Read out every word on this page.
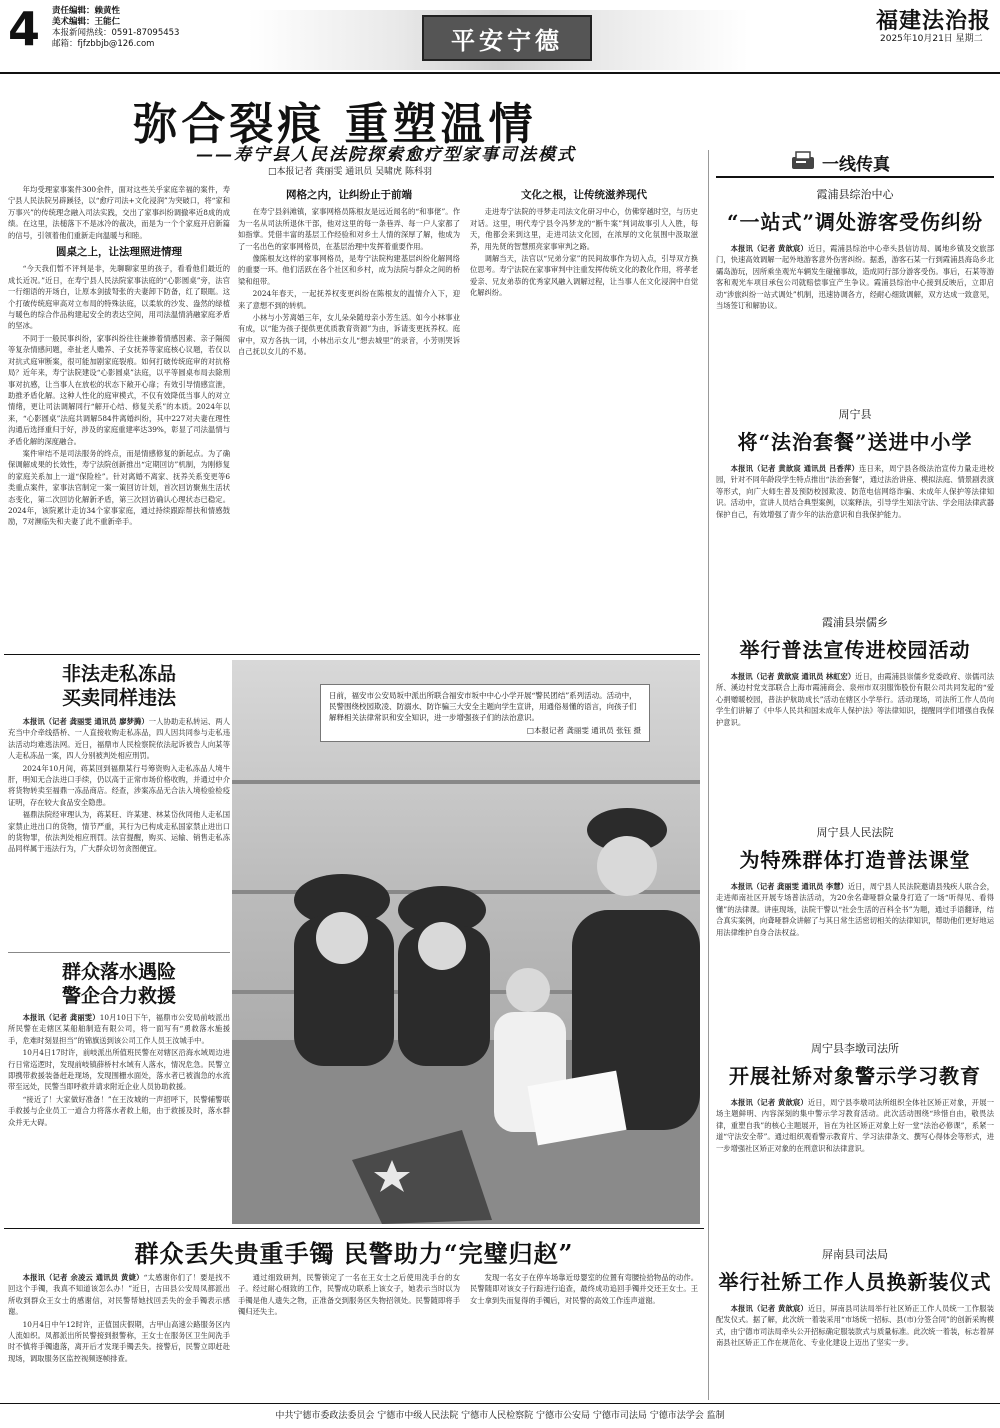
4 责任编辑：赖黄性
美术编辑：王能仁
本报新闻热线：0591-87095453
邮箱：fjfzbbjb@126.com	平安宁德
福建法治报
2025年10月21日 星期二
弥合裂痕 重塑温情
——寿宁县人民法院探索愈疗型家事司法模式
□本报记者 龚丽雯 通讯员 吴啸虎 陈科羽

年均受理家事案件300余件，面对这些关乎家庭幸福的案件，寿宁县人民法院另辟蹊径，以“愈疗司法+文化浸润”为突破口，将“家和万事兴”的传统理念融入司法实践，交出了家事纠纷调撤率近8成的成绩。在这里，法槌落下不是冰冷的裁决，而是为一个个家庭开启新篇的信号，引领着他们重新走向温暖与和睦。

圆桌之上，让法理照进情理

“今天我们暂不评判是非，先聊聊家里的孩子，看看他们最近的成长近况。”近日，在寿宁县人民法院家事法庭的“心影圆桌”旁，法官一行细语的开场白，让原本剑拔弩张的夫妻卸下防备，红了眼眶。这个打破传统庭审高对立布局的特殊法庭，以柔软的沙发、盎然的绿植与暖色的综合作品构建起安全的表达空间，用司法温情消融家庭矛盾的坚冰。

不同于一般民事纠纷，家事纠纷往往兼掺着情感因素、亲子隔阂等复杂情感问题，牵扯老人赡养、子女抚养等家庭核心议题，若仅以对抗式庭审断案，很可能加剧家庭裂痕。如何打破传统庭审的对抗格局？近年来，寿宁法院建设“心影圆桌”法庭，以平等圆桌布局去除刑事对抗感，让当事人在放松的状态下敞开心扉；有效引导情感宣泄，助推矛盾化解。这种人性化的庭审模式，不仅有效降低当事人的对立情绪，更让司法调解同行“解开心结、修复关系”的本质。2024年以来，“心影圆桌”法庭共调解584件离婚纠纷，其中227对夫妻在理性沟通后选择重归于好，涉及的家庭重建率达39%，彰显了司法温情与矛盾化解的深度融合。

案件审结不是司法服务的终点，而是情感修复的新起点。为了确保调解成果的长效性，寿宁法院创新推出“定期回访”机制，为刚修复的家庭关系加上一道“保险栓”。针对离婚不离家、抚养关系变更等6类重点案件，家事法官制定一案一策回访计划，首次回访聚焦生活状态变化，第二次回访化解新矛盾，第三次回访确认心理状态已稳定。2024年，该院累计走访34个家事家庭，通过持续跟踪帮扶和情感鼓励，7对濒临失和夫妻了此不重新牵手。

网格之内，让纠纷止于前端

在寿宁县斜滩镇，家事网格员陈根友是远近闻名的“和事佬”。作为一名从司法所退休干部，他对这里的每一条巷弄、每一户人家都了如指掌。凭借丰富的基层工作经验和对乡土人情的深厚了解，他成为了一名出色的家事网格员，在基层治理中发挥着重要作用。

像陈根友这样的家事网格员，是寿宁法院构建基层纠纷化解网络的重要一环。他们活跃在各个社区和乡村，成为法院与群众之间的桥梁和纽带。

2024年春天，一起抚养权变更纠纷在陈根友的温情介入下，迎来了意想不到的转机。

小林与小芳离婚三年，女儿朵朵随母亲小芳生活。如今小林事业有成，以“能为孩子提供更优质教育资源”为由，诉请变更抚养权。庭审中，双方各执一词，小林出示女儿“想去城里”的录音，小芳则哭诉自己抚以女儿的不易。

文化之根，让传统滋养现代

走进寿宁法院的寻梦走司法文化研习中心，仿佛穿越时空，与历史对话。这里，明代寿宁县令冯梦龙的“断牛案”判词故事引人入胜，每天，他都会来到这里，走进司法文化园，在浓厚的文化氛围中汲取滋养，用先贤的智慧照亮家事审判之路。

调解当天，法官以“兄弟分家”的民间故事作为切入点，引导双方换位思考。寿宁法院在家事审判中注重发挥传统文化的教化作用，将孝老爱亲、兄友弟恭的优秀家风融入调解过程，让当事人在文化浸润中自觉化解纠纷。

一线传真
霞浦县综治中心
“一站式”调处游客受伤纠纷

本报讯（记者 黄歆宸）近日，霞浦县综治中心牵头县信访局、属地乡镇及交旅部门，快速高效调解一起外地游客意外伤害纠纷。据悉，游客石某一行到霞浦县海岛乡北礵岛游玩，因所乘坐观光车辆发生碰撞事故，造成同行部分游客受伤。事后，石某等游客和观光车项目承包公司就赔偿事宜产生争议。霞浦县综治中心接到反映后，立即启动“涉旅纠纷一站式调处”机制，迅速协调各方，经耐心细致调解，双方达成一致意见，当场签订和解协议。

周宁县
将“法治套餐”送进中小学

本报讯（记者 黄歆宸 通讯员 吕香萍）连日来，周宁县各级法治宣传力量走进校园，针对不同年龄段学生特点推出“法治套餐”，通过法治讲座、模拟法庭、情景剧表演等形式，向广大师生普及预防校园欺凌、防范电信网络诈骗、未成年人保护等法律知识。活动中，宣讲人员结合典型案例，以案释法，引导学生知法守法、学会用法律武器保护自己，有效增强了青少年的法治意识和自我保护能力。

霞浦县崇儒乡
举行普法宣传进校园活动

本报讯（记者 黄歆宸 通讯员 林虹宏）近日，由霞浦县崇儒乡党委政府、崇儒司法所、溪边村党支部联合上海市霞浦商会、泉州市双羽服饰股份有限公司共同发起的“爱心捐赠暖校园，普法护航助成长”活动在辖区小学举行。活动现场，司法所工作人员向学生们讲解了《中华人民共和国未成年人保护法》等法律知识，提醒同学们增强自我保护意识。

周宁县人民法院
为特殊群体打造普法课堂

本报讯（记者 龚丽雯 通讯员 李慧）近日，周宁县人民法院邀请县残疾人联合会，走进师南社区开展专场普法活动，为20余名聋哑群众量身打造了一场“听得见、看得懂”的法律课。讲座现场，法院干警以“社会生活的百科全书”为题，通过手语翻译，结合真实案例，向聋哑群众讲解了与其日常生活密切相关的法律知识，帮助他们更好地运用法律维护自身合法权益。

周宁县李墩司法所
开展社矫对象警示学习教育

本报讯（记者 黄歆宸）近日，周宁县李墩司法所组织全体社区矫正对象，开展一场主题鲜明、内容深刻的集中警示学习教育活动。此次活动围绕“珍惜自由，敬畏法律，重塑自我”的核心主题展开，旨在为社区矫正对象上好一堂“法治必修课”，系紧一道“守法安全带”。通过组织观看警示教育片、学习法律条文、撰写心得体会等形式，进一步增强社区矫正对象的在刑意识和法律意识。

屏南县司法局
举行社矫工作人员换新装仪式

本报讯（记者 黄歆宸）近日，屏南县司法局举行社区矫正工作人员统一工作服装配发仪式。据了解，此次统一着装采用“市场统一招标、县(市)分签合同”的创新采购模式，由宁德市司法局牵头公开招标确定服装款式与质量标准。此次统一着装，标志着屏南县社区矫正工作在规范化、专业化建设上迈出了坚实一步。

非法走私冻品
买卖同样违法

本报讯（记者 龚丽雯 通讯员 廖梦腾）一人协助走私转运、两人充当中介牵线搭桥、一人直接收购走私冻品，四人因共同参与走私违法活动均难逃法网。近日，福鼎市人民检察院依法起诉被告人向某等人走私冻品一案，四人分别被判处相应刑罚。

2024年10月间，蒋某回到福鼎某行号筹资购入走私冻品人境牛肝，明知无合法进口手续，仍以高于正常市场价格收购，并通过中介将货物转卖至福鼎一冻品商店。经查，涉案冻品无合法入境检验检疫证明，存在较大食品安全隐患。

福鼎法院经审理认为，蒋某旺、许某建、林某岱伙同他人走私国家禁止进出口的货物，情节严重，其行为已构成走私国家禁止进出口的货物罪，依法判处相应刑罚。法官提醒，购买、运输、销售走私冻品同样属于违法行为，广大群众切勿贪图便宜。

群众落水遇险
警企合力救援

本报讯（记者 龚丽雯）10月10日下午，福鼎市公安局前岐派出所民警在走辖区某船舶制造有限公司，将一面写有“勇救落水施援手，危难时刻显担当”的锦旗送到该公司工作人员王汝城手中。

10月4日17时许，前岐派出所值班民警在对辖区沿海水域周边进行日常巡逻时，发现前岐镇薛桥村水域有人落水，情况危急。民警立即携带救援装备赶赴现场，发现围栅水面处，落水者已被湍急的水流带至远处，民警当即呼救并请求附近企业人员协助救援。

“接近了！大家做好准备！”在王汝城的一声招呼下，民警辅警联手救援与企业员工一道合力将落水者救上船，由于救援及时，落水群众并无大碍。

日前，福安市公安局坂中派出所联合福安市坂中中心小学开展“警民团结”系列活动。活动中，民警围绕校园欺凌、防溺水、防诈骗三大安全主题向学生宣讲，用通俗易懂的语言，向孩子们解释相关法律常识和安全知识，进一步增强孩子们的法治意识。
□本报记者 龚丽雯 通讯员 张钰 摄
群众丢失贵重手镯 民警助力“完璧归赵”

本报讯（记者 余凌云 通讯员 黄婕）“太感谢你们了！要是找不回这个手镯，我真不知道该怎么办！”近日，古田县公安局凤都派出所收到群众王女士的感谢信，对民警帮她找回丢失的金手镯表示感谢。

10月4日中午12时许，正值国庆假期，古甲山高速公路服务区内人流如织。凤都派出所民警接到报警称，王女士在服务区卫生间洗手时不慎将手镯遗落，离开后才发现手镯丢失。接警后，民警立即赶赴现场，调取服务区监控视频逐帧排查。

通过细致研判，民警锁定了一名在王女士之后使用洗手台的女子。经过耐心细致的工作，民警成功联系上该女子，她表示当时以为手镯是他人遗失之物，正准备交到服务区失物招领处。民警随即将手镯归还失主。

发现一名女子在停车场靠近母婴室的位置有弯腰捡拾物品的动作。民警随即对该女子行踪进行追查，最终成功追回手镯并交还王女士。王女士拿到失而复得的手镯后，对民警的高效工作连声道谢。

中共宁德市委政法委员会 宁德市中级人民法院 宁德市人民检察院 宁德市公安局 宁德市司法局 宁德市法学会 监制
